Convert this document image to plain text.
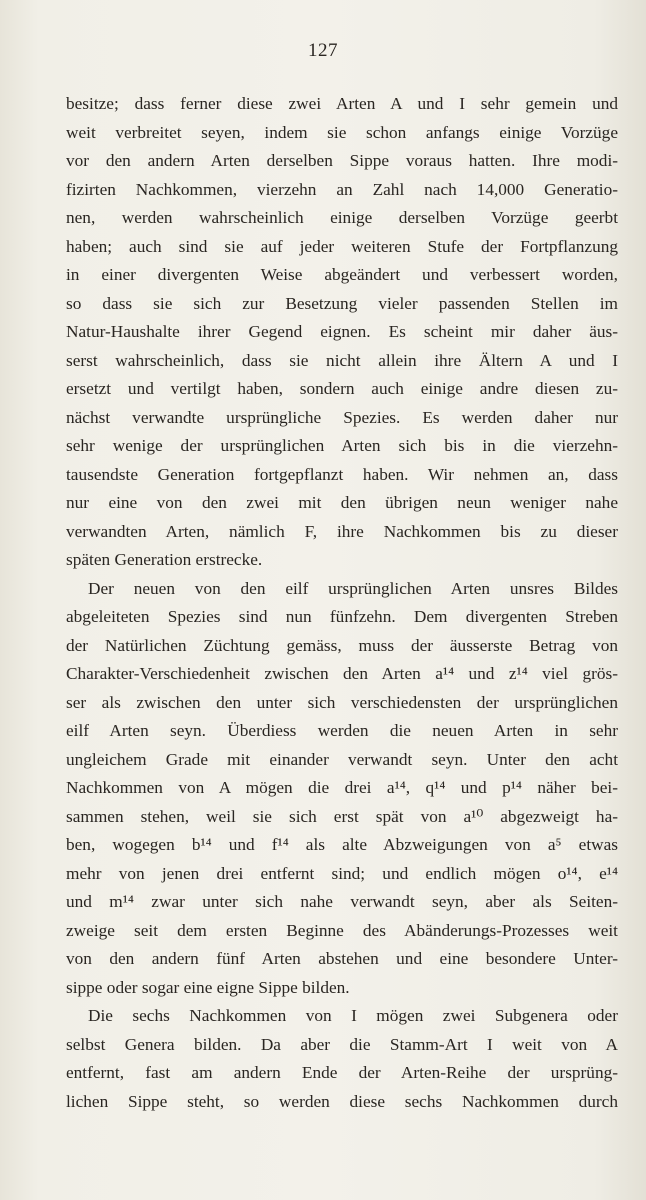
127
besitze; dass ferner diese zwei Arten A und I sehr gemein und
weit verbreitet seyen, indem sie schon anfangs einige Vorzüge
vor den andern Arten derselben Sippe voraus hatten. Ihre modi-
fizirten Nachkommen, vierzehn an Zahl nach 14,000 Generatio-
nen, werden wahrscheinlich einige derselben Vorzüge geerbt
haben; auch sind sie auf jeder weiteren Stufe der Fortpflanzung
in einer divergenten Weise abgeändert und verbessert worden,
so dass sie sich zur Besetzung vieler passenden Stellen im
Natur-Haushalte ihrer Gegend eignen. Es scheint mir daher äus-
serst wahrscheinlich, dass sie nicht allein ihre Ältern A und I
ersetzt und vertilgt haben, sondern auch einige andre diesen zu-
nächst verwandte ursprüngliche Spezies. Es werden daher nur
sehr wenige der ursprünglichen Arten sich bis in die vierzehn-
tausendste Generation fortgepflanzt haben. Wir nehmen an, dass
nur eine von den zwei mit den übrigen neun weniger nahe
verwandten Arten, nämlich F, ihre Nachkommen bis zu dieser
späten Generation erstrecke.
Der neuen von den eilf ursprünglichen Arten unsres Bildes
abgeleiteten Spezies sind nun fünfzehn. Dem divergenten Streben
der Natürlichen Züchtung gemäss, muss der äusserste Betrag von
Charakter-Verschiedenheit zwischen den Arten a¹⁴ und z¹⁴ viel grös-
ser als zwischen den unter sich verschiedensten der ursprünglichen
eilf Arten seyn. Überdiess werden die neuen Arten in sehr
ungleichem Grade mit einander verwandt seyn. Unter den acht
Nachkommen von A mögen die drei a¹⁴, q¹⁴ und p¹⁴ näher bei-
sammen stehen, weil sie sich erst spät von a¹⁰ abgezweigt ha-
ben, wogegen b¹⁴ und f¹⁴ als alte Abzweigungen von a⁵ etwas
mehr von jenen drei entfernt sind; und endlich mögen o¹⁴, e¹⁴
und m¹⁴ zwar unter sich nahe verwandt seyn, aber als Seiten-
zweige seit dem ersten Beginne des Abänderungs-Prozesses weit
von den andern fünf Arten abstehen und eine besondere Unter-
sippe oder sogar eine eigne Sippe bilden.
Die sechs Nachkommen von I mögen zwei Subgenera oder
selbst Genera bilden. Da aber die Stamm-Art I weit von A
entfernt, fast am andern Ende der Arten-Reihe der ursprüng-
lichen Sippe steht, so werden diese sechs Nachkommen durch
